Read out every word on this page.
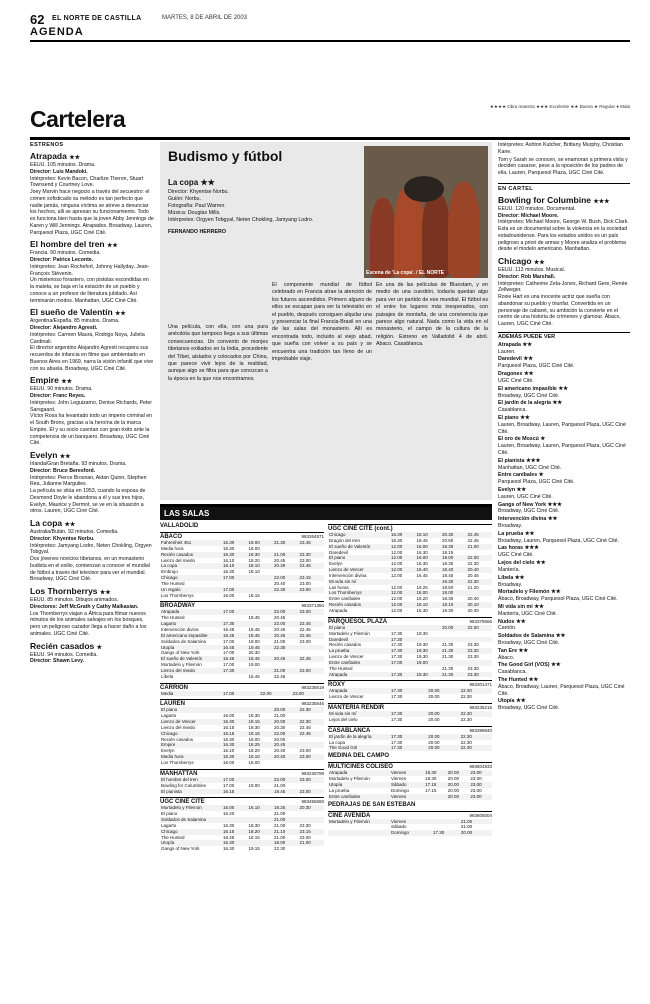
62 EL NORTE DE CASTILLA	MARTES, 8 DE ABRIL DE 2003
AGENDA
★★★★ Obra maestra ★★★ Excelente ★★ Buena ★ Regular ● Mala
Cartelera
ESTRENOS
Atrapada ★★

EEUU. 105 minutos. Drama.

Director: Luis Mandoki.

Intérpretes: Kevin Bacon, Charlize Theron, Stuart Townsend y Courtney Love.

Joey Marvin hace negocio a través del secuestro: el crimen sofisticado su método es tan perfecto que nadie jamás, ninguna víctima se atreve a denunciar los hechos, alli se apresan su funcionamiento. Todo es funciona bien hasta que la joven Abby Jennings de Karen y Will Jennings. Atrapados. Broadway, Lauren, Parquesol Plaza, UGC Ciné Cité.

El hombre del tren ★★

Francia. 90 minutos. Comedia.

Director: Patrice Leconte.

Intérpretes: Jean Rochefort, Johnny Hallyday, Jean-François Stévenin.

Un misterioso forastero, con pistolas escondidas en la maleta, se baja en la estación de un pueblo y conoce a un profesor de literatura jubilado. Así terminarán modos. Manhattan, UGC Ciné Cité.

El sueño de Valentín ★★

Argentina/España. 85 minutos. Drama.

Director: Alejandro Agresti.

Intérpretes: Carmen Maura, Rodrigo Noya, Julieta Cardinali.

El director argentino Alejandro Agresti recupera sus recuerdos de infancia en filme que ambientado en Buenos Aires en 1969, narra la visión infantil que vive con su abuela. Broadway, UGC Ciné Cité.

Empire ★★

EEUU. 90 minutos. Drama.

Director: Franc Reyes.

Intérpretes: John Leguizamo, Denise Richards, Peter Sarsgaard.

Víctor Rosa ha levantado todo un imperio criminal en el South Bronx, gracias a la heroína de la marca Empire. Él y su socio cuentan con gran éxito ante la competencia de un banquero. Broadway, UGC Ciné Cité.

Evelyn ★★

Irlanda/Gran Bretaña. 93 minutos. Drama.

Director: Bruce Beresford.

Intérpretes: Pierce Brosnan, Aidan Quinn, Stephen Rea, Julianne Margulies.

La película se sitúa en 1953, cuando la esposa de Desmond Doyle le abandona a él y sus tres hijos, Evelyn, Maurice y Dermot, se ve en la situación a otros. Lauren, UGC Ciné Cité.

La copa ★★

Australia/Bután. 92 minutos. Comedia.

Director: Khyentse Norbu.

Intérpretes: Jamyang Lodro, Neten Chokling, Orgyen Tobgyal.

Dos jóvenes novicios tibetanos, en un monasterio budista en el exilio, comienzan a conocer el mundial de fútbol a través del televisor para ver el mundial. Broadway, UGC Ciné Cité.

Los Thornberrys ★★

EEUU. 85 minutos. Dibujos animados.

Directores: Jeff McGrath y Cathy Malkasian.

Los Thornberrys viajan a África para filmar nuevos minutos de los animales salvajes en los bosques, pero un peligroso cazador llega a hacer daño a los animales. UGC Ciné Cité.

Recién casados ★

EEUU. 94 minutos. Comedia.

Director: Shawn Levy.

Budismo y fútbol
La copa ★★
Director: Khyentse Norbu.
Guión: Norbu.
Fotografía: Paul Warren.
Música: Douglas Mills.
Intérpretes: Orgyen Tobgyal, Neten Chokling, Jamyang Lodro.
FERNANDO HERRERO
Escena de 'La copa'. / EL NORTE
Una película, con ella, con una pura anécdota que tampoco llega a sus últimas consecuencias. Un convento de monjes tibetanos exiliados en la India, procedente del Tíbet, aislados y colocados por China, que parece vivir lejos de la realidad, aunque algo se filtra para que conozcan a la época en la que nos encontramos.
El componente mundial de fútbol celebrado en Francia atrae la atención de los futuros ascendidos. Primero alguno de ellos se escapan para ver la televisión en el pueblo, después consiguen alquilar una y presenciar la final Francia-Brasil en una de las salas del monasterio. Allí es encontrada todo, incluido al viejo abad, que sueña con volver a su país y se encuentra una tradición tan lleno de un improbable viaje.
En una de las películas de Bluestam, y en medio de una cuestión, todavía quedan algo para ver un partido de ese mundial. El fútbol es el entre los lugares más inesperados, con paisajes de montaña, de una convivencia que parece algo natural. Nada como la vida en el monasterio, el campo de la cultura de la religión. Estreno en Valladolid 4 de abril. Abaco. Casablanca.
LAS SALAS
VALLADOLID
ÁBACO	983264871
Fahrenheit 451	16.30	19.00	21.30	23.45
Media hora	16.30	18.00		
Recién casados	16.30	18.30	21.00	23.30
Lienzo del miedo	16.10	18.20	20.45	23.00
La copa	16.10	18.10	20.30	22.45
Embrujo	16.30	18.10		
Chicago	17.00		22.00	23.15
The Hunted			20.40	23.00
Un regalo	17.00		22.30	23.00
Los Thornberrys	16.00	18.15		
BROADWAY	983371394
Atrapada	17.00		22.00	23.00
The Hunted		18.45	20.45	
Lagarto	17.30		22.00	22.45
Intervención divina	16.45	18.45	20.45	22.45
El americano impasible	16.45	18.45	20.45	22.45
Soldados de Salamina	17.00	19.00	21.00	23.00
Utopía	16.45	19.45	22.30	
Gangs of New York	17.00	20.30		
El sueño de Valentín	16.45	18.45	20.45	22.45
Mortadelo y Filemón	17.00	19.00		
Lienzo del miedo	17.30		21.00	23.00
Líbela		16.45	22.45	
CARRIÓN	983235619
Media	17.00		22.00	23.00
LAUREN	983235546
El piano			20.00	22.30
Lagarto	16.00	18.30	21.00	
Lienzo de Vencer	16.30	18.15	20.00	22.30
Lienzo del miedo	16.15	18.30	20.30	22.45
Chicago	16.15	18.15	22.00	22.45
Recién casados	16.30	18.00	20.00	
Empire	16.30	18.25	20.45	
Evelyn	16.10	18.20	20.40	23.00
Media hora	16.30	18.10	20.40	23.00
Los Thornberrys	16.00	18.00		
MANHATTAN	983230799
El hombre del tren	17.00		22.00	23.00
Bowling for Columbine	17.00	19.00	21.00	
El pianista	16.15		19.45	23.00
UGC CINÉ CITÉ	983455650
Mortadelo y Filemón	16.00	16.10	18.25	20.30
El piano	16.20		21.00	
Soldados de Salamina			21.00	
Lagarto	16.30	18.30	21.00	23.30
Chicago	16.15	18.20	21.10	23.15
The Hunted	16.45	18.15	21.00	23.00
Utopía	16.30		18.00	21.00
Gangs of New York	16.30	19.15	22.30	
UGC CINÉ CITÉ (cont.)
Chicago	16.30	18.10	20.30	22.45
Dragón del tren	16.30	18.45	20.50	22.45
El sueño de Valentín	12.00	16.00	18.30	21.00
Daredevil	12.00	16.30	18.15	
El piano	12.00	16.00	19.00	22.00
Evelyn	12.00	16.30	18.30	22.30
Lienzo de Vencer	12.00	16.40	18.40	20.40
Intervención divina	12.00	16.45	18.45	20.45
Mi vida sin mí			19.30	22.30
Las horas	12.00	16.25	18.50	21.20
Los Thornberrys	12.00	16.00	18.00	
Entre caníbales	12.00	16.20	18.30	20.40
Recién casados	12.00	16.10	18.10	20.10
Atrapada	12.00	16.30	18.30	20.30
PARQUESOL PLAZA	983379666
El piano			20.00	22.00
Mortadelo y Filemón	17.30	19.30		
Daredevil	17.30			
Recién casados	17.30	19.30	21.30	23.30
La prueba	17.30	19.30	21.30	23.30
Lienzo de Vencer	17.30	19.30	21.30	23.30
Entre caníbales	17.00	19.00		
The Hunted			21.30	23.30
Atrapada	17.30	19.30	21.30	23.30
ROXY	983301471
Atrapada	17.30		20.00	22.30
Lienzo de Vencer	17.30		20.00	22.30
MANTERÍA RENDIR	983235215
Mi vida sin mí	17.30		20.00	22.30
Lejos del cielo	17.30		20.00	22.30
CASABLANCA	983398840
El jardín de la alegría	17.30		20.00	22.30
La copa	17.30		20.00	22.30
The Good Girl	17.30		20.00	22.30
MEDINA DEL CAMPO
MULTICINES COLISEO	983804833
Atrapada	Viernes	19.30	20.00	23.00
Mortadelo y Filemón	Viernes	19.30	20.00	23.00
Utopía	Sábado	17.15	20.00	23.00
La prueba	Domingo	17.15	20.00	23.00
Entre caníbales	Viernes		20.00	23.00
PEDRAJAS DE SAN ESTEBAN
CINE AVENIDA	983605004
Mortadelo y Filemón	Viernes		21.00	
	Sábado		21.00	
	Domingo	17.30	20.00	

Intérpretes: Ashton Kutcher, Brittany Murphy, Christian Kane.

Tom y Sarah se conocen, se enamoran a primera vista y deciden casarse, pese a la oposición de los padres de ella. Lauren, Parquesol Plaza, UGC Ciné Cité.

EN CARTEL
Bowling for Columbine ★★★

EEUU. 120 minutos. Documental.

Director: Michael Moore.

Intérpretes: Michael Moore, George W. Bush, Dick Clark.

Esta es un documental sobre la violencia en la sociedad estadounidense. Para los estados unidos es un país peligroso a priori de armas y Moore analiza el problema desde el modelo americano. Manhattan.

Chicago ★★

EEUU. 113 minutos. Musical.

Director: Rob Marshall.

Intérpretes: Catherine Zeta-Jones, Richard Gere, Renée Zellweger.

Roxie Hart es una inocente actriz que sueña con abandonar su pueblo y triunfar. Convertida en un personaje de cabaret, su ambición la convierte en el centro de una historia de crímenes y glamour. Ábaco, Lauren, UGC Ciné Cité.

ADEMÁS PUEDE VER

Atrapada ★★
Lauren.

Daredevil ★★
Parquesol Plaza, UGC Ciné Cité.

Dragones ★★
UGC Ciné Cité.

El americano impasible ★★
Broadway, UGC Ciné Cité.

El jardín de la alegría ★★
Casablanca.

El piano ★★
Lauren, Broadway, Lauren, Parquesol Plaza, UGC Ciné Cité.

El oro de Moscú ★
Lauren, Broadway, Lauren, Parquesol Plaza, UGC Ciné Cité.

El pianista ★★★
Manhattan, UGC Ciné Cité.

Entre caníbales ★
Parquesol Plaza, UGC Ciné Cité.

Evelyn ★★
Lauren, UGC Ciné Cité.

Gangs of New York ★★★
Broadway, UGC Ciné Cité.

Intervención divina ★★
Broadway.

La prueba ★★
Broadway, Lauren, Parquesol Plaza, UGC Ciné Cité.

Las horas ★★★
UGC Ciné Cité.

Lejos del cielo ★★
Mantería.

Líbela ★★
Broadway.

Mortadelo y Filemón ★★
Ábaco, Broadway, Parquesol Plaza, UGC Ciné Cité.

Mi vida sin mí ★★
Mantería, UGC Ciné Cité.

Nudos ★★
Carrión.

Soldados de Salamina ★★
Broadway, UGC Ciné Cité.

Tan Ere ★★
Ábaco.

The Good Girl (VOS) ★★
Casablanca.

The Hunted ★★
Ábaco, Broadway, Lauren, Parquesol Plaza, UGC Ciné Cité.

Utopía ★★
Broadway, UGC Ciné Cité.
